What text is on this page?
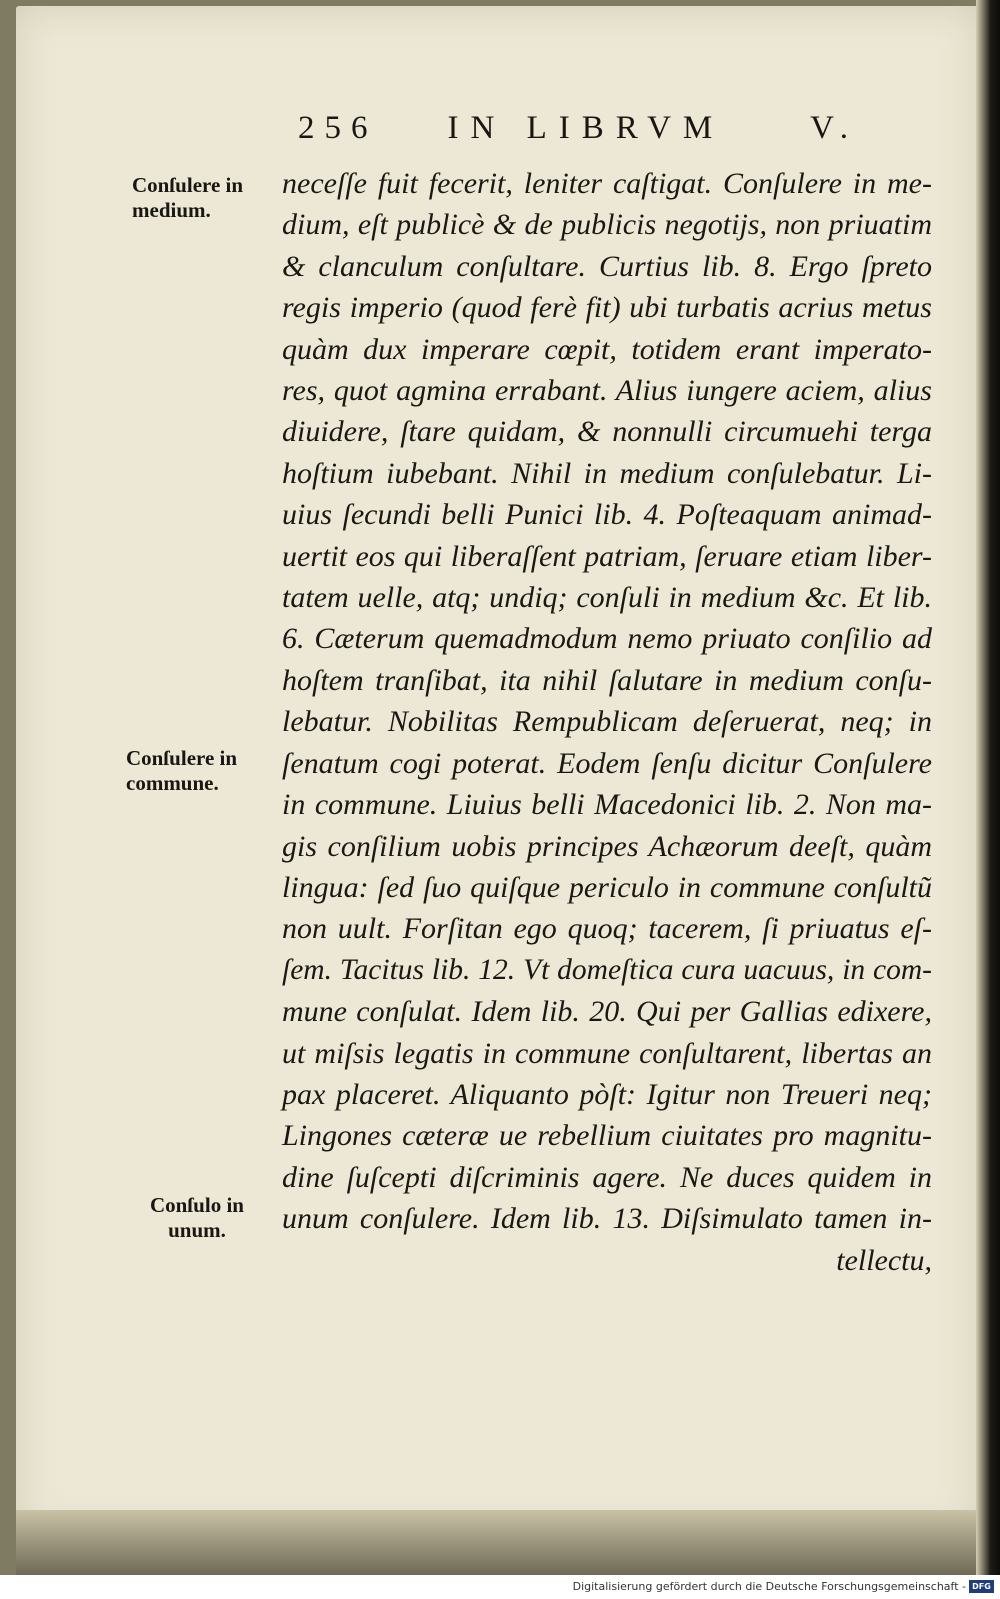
256 IN LIBRVM	V.
Conſulere in
medium.
Conſulere in
commune.
Conſulo in
unum.
neceſſe fuit fecerit, leniter caſtigat. Conſulere in me-
dium, eſt publicè & de publicis negotijs, non priuatim
& clanculum conſultare. Curtius lib. 8. Ergo ſpreto
regis imperio (quod ferè fit) ubi turbatis acrius metus
quàm dux imperare cœpit, totidem erant imperato-
res, quot agmina errabant. Alius iungere aciem, alius
diuidere, ſtare quidam, & nonnulli circumuehi terga
hoſtium iubebant. Nihil in medium conſulebatur. Li-
uius ſecundi belli Punici lib. 4. Poſteaquam animad-
uertit eos qui liberaſſent patriam, ſeruare etiam liber-
tatem uelle, atq; undiq; conſuli in medium &c. Et lib.
6. Cæterum quemadmodum nemo priuato conſilio ad
hoſtem tranſibat, ita nihil ſalutare in medium conſu-
lebatur. Nobilitas Rempublicam deſeruerat, neq; in
ſenatum cogi poterat. Eodem ſenſu dicitur Conſulere
in commune. Liuius belli Macedonici lib. 2. Non ma-
gis conſilium uobis principes Achæorum deeſt, quàm
lingua: ſed ſuo quiſque periculo in commune conſultũ
non uult. Forſitan ego quoq; tacerem, ſi priuatus eſ-
ſem. Tacitus lib. 12. Vt domeſtica cura uacuus, in com-
mune conſulat. Idem lib. 20. Qui per Gallias edixere,
ut miſsis legatis in commune conſultarent, libertas an
pax placeret. Aliquanto pòſt: Igitur non Treueri neq;
Lingones cæteræ ue rebellium ciuitates pro magnitu-
dine ſuſcepti diſcriminis agere. Ne duces quidem in
unum conſulere. Idem lib. 13. Diſsimulato tamen in-
tellectu,
Digitalisierung gefördert durch die Deutsche Forschungsgemeinschaft - DFG
